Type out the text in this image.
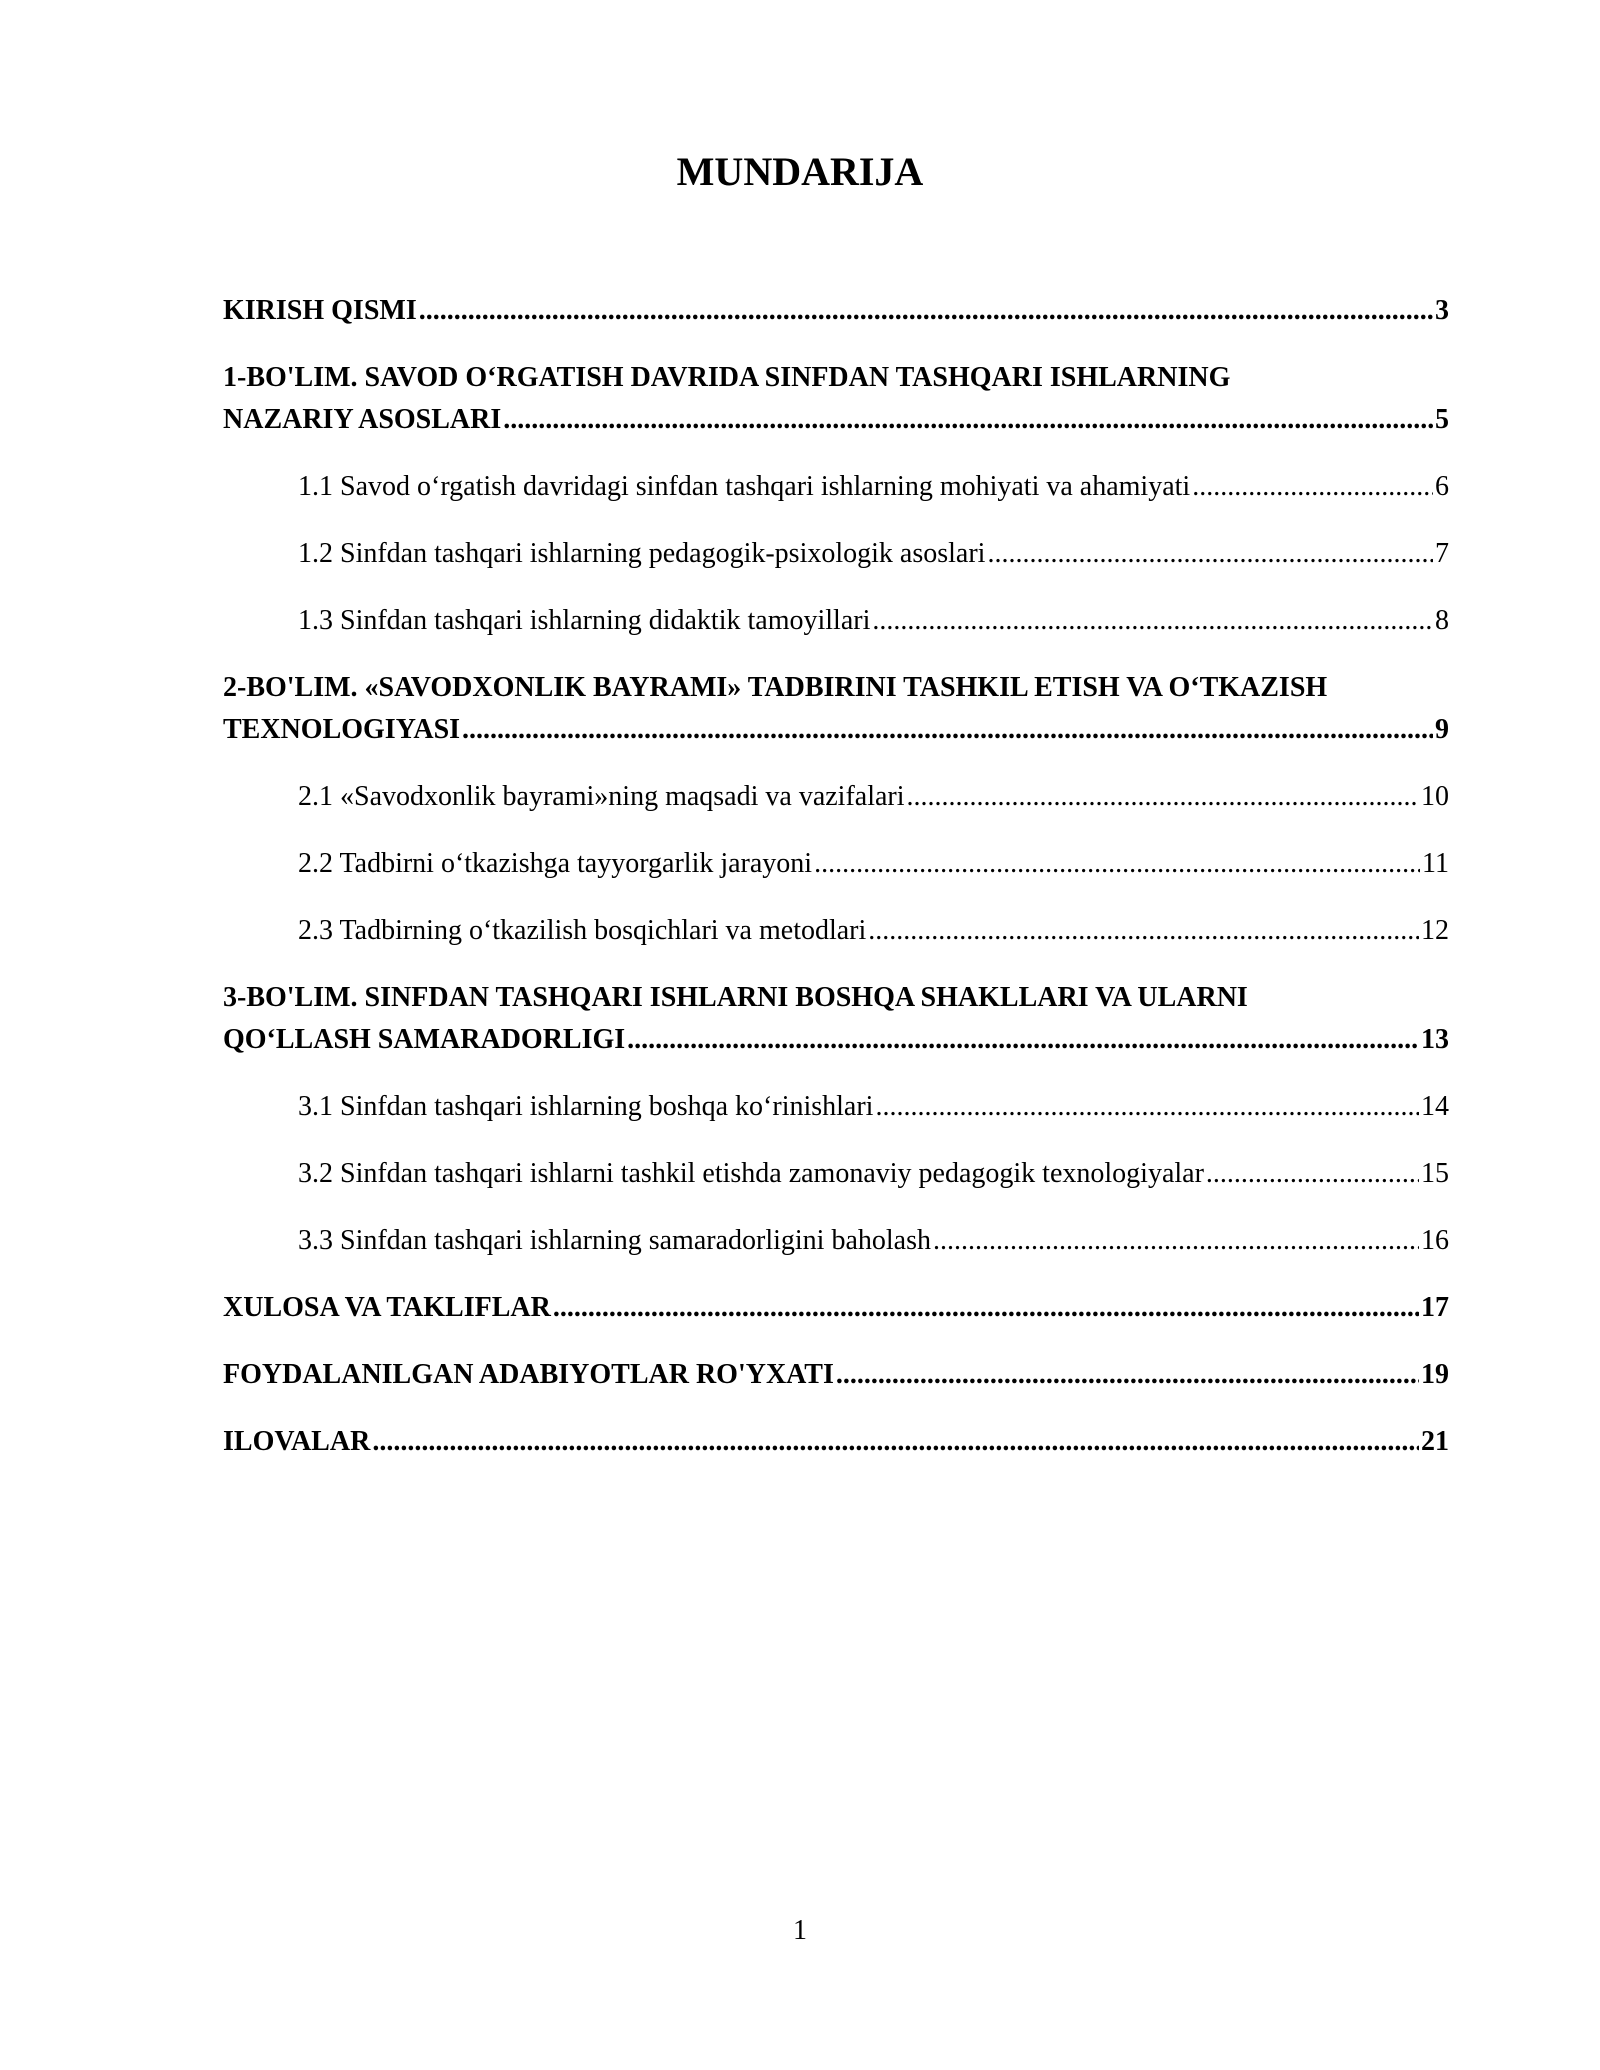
MUNDARIJA
KIRISH QISMI .....	3
1-BO'LIM. SAVOD O‘RGATISH DAVRIDA SINFDAN TASHQARI ISHLARNING
NAZARIY ASOSLARI .....	5
1.1 Savod o‘rgatish davridagi sinfdan tashqari ishlarning mohiyati va ahamiyati .....	6
1.2 Sinfdan tashqari ishlarning pedagogik-psixologik asoslari .....	7
1.3 Sinfdan tashqari ishlarning didaktik tamoyillari .....	8
2-BO'LIM. «SAVODXONLIK BAYRAMI» TADBIRINI TASHKIL ETISH VA O‘TKAZISH
TEXNOLOGIYASI .....	9
2.1 «Savodxonlik bayrami»ning maqsadi va vazifalari .....	10
2.2 Tadbirni o‘tkazishga tayyorgarlik jarayoni .....	11
2.3 Tadbirning o‘tkazilish bosqichlari va metodlari .....	12
3-BO'LIM. SINFDAN TASHQARI ISHLARNI BOSHQA SHAKLLARI VA ULARNI
QO‘LLASH SAMARADORLIGI .....	13
3.1 Sinfdan tashqari ishlarning boshqa ko‘rinishlari .....	14
3.2 Sinfdan tashqari ishlarni tashkil etishda zamonaviy pedagogik texnologiyalar .....	15
3.3 Sinfdan tashqari ishlarning samaradorligini baholash .....	16
XULOSA VA TAKLIFLAR .....	17
FOYDALANILGAN ADABIYOTLAR RO'YXATI .....	19
ILOVALAR .....	21
1
